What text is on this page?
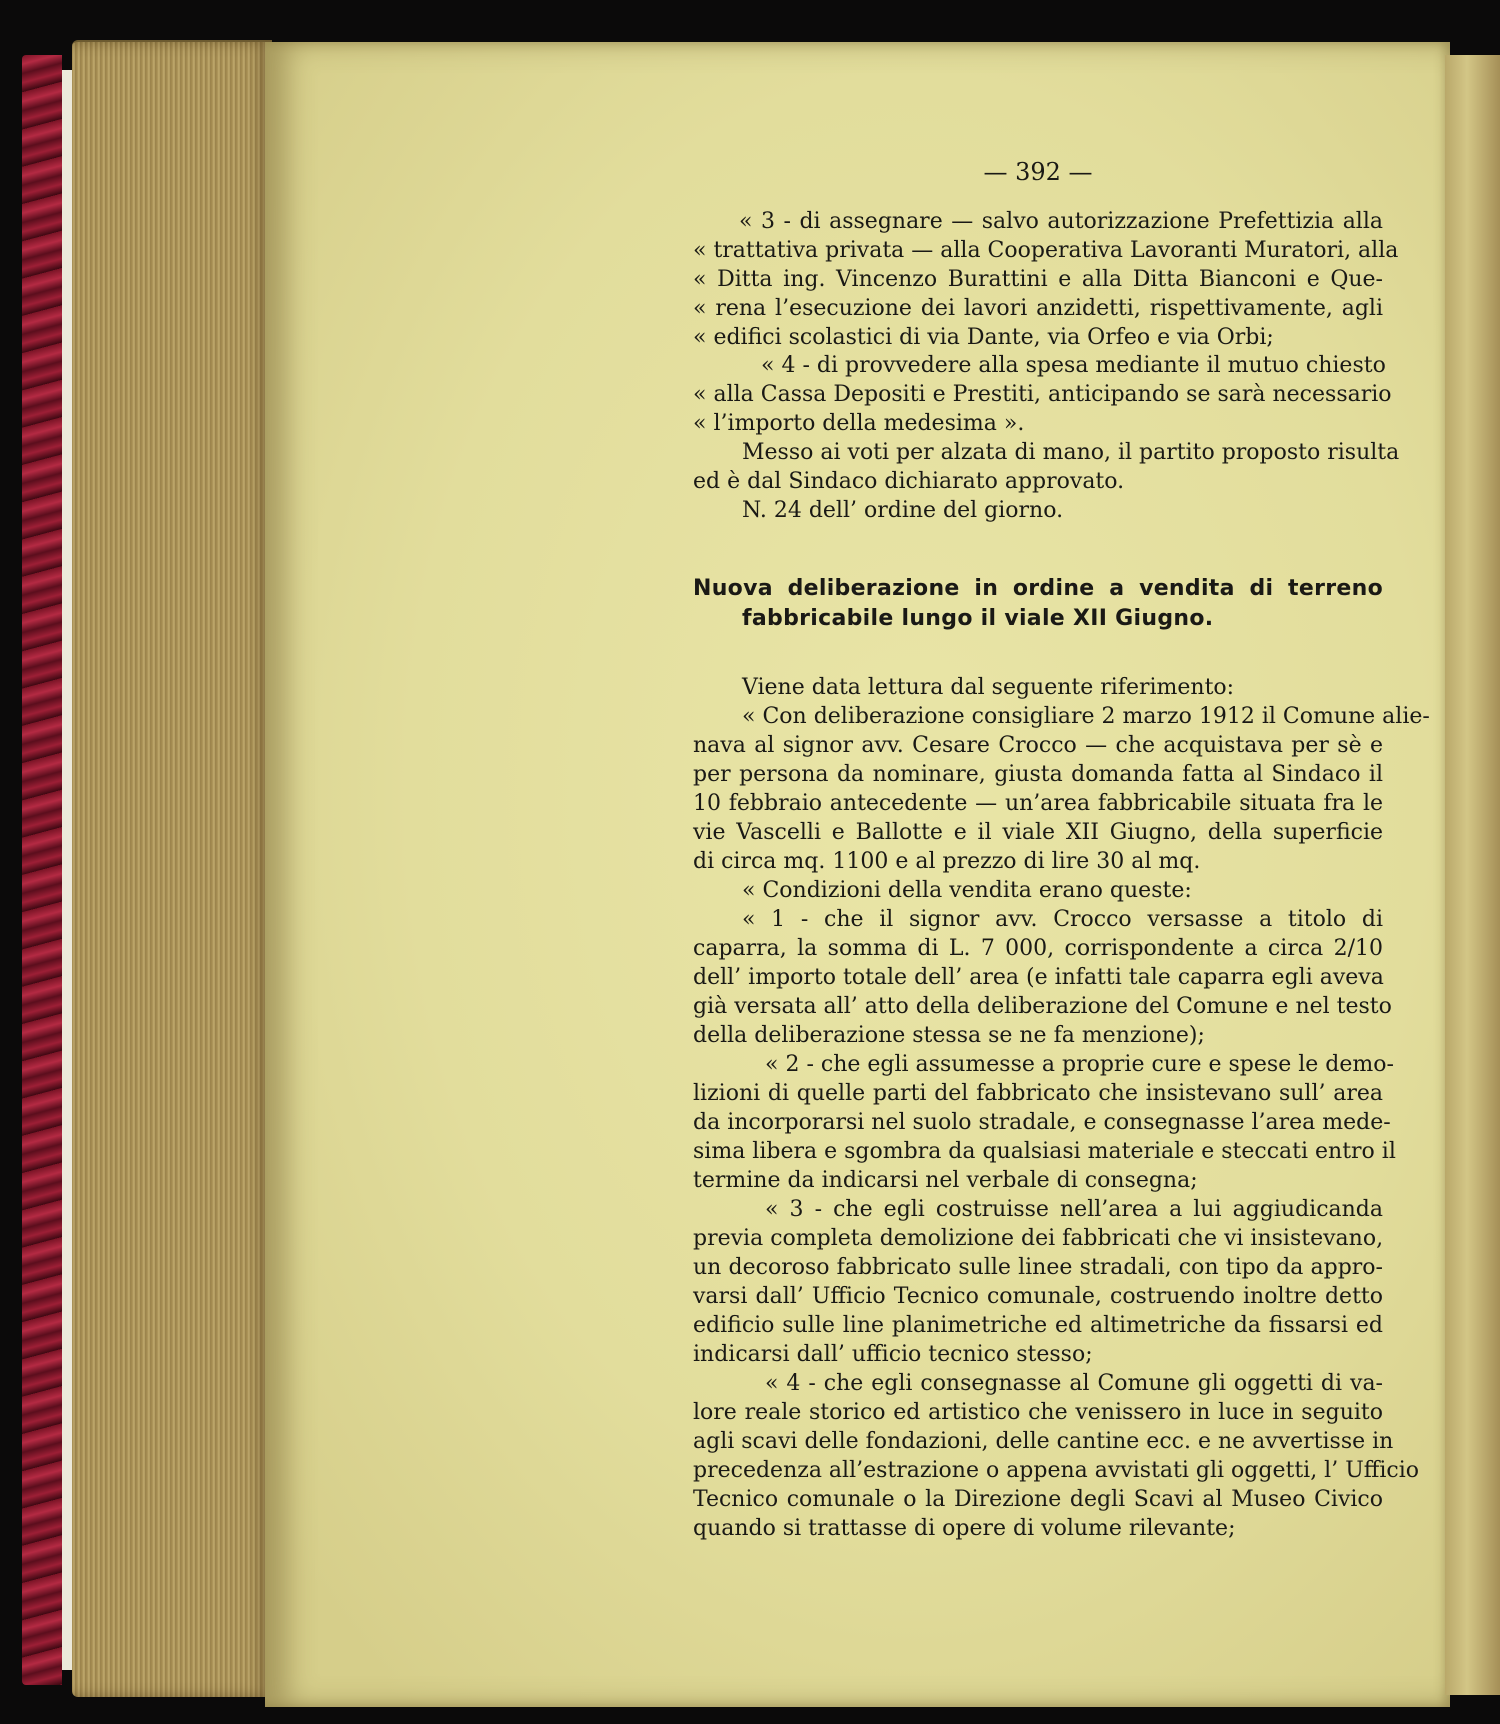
— 392 —
« 3 - di assegnare — salvo autorizzazione Prefettizia alla
« trattativa privata — alla Cooperativa Lavoranti Muratori, alla
« Ditta ing. Vincenzo Burattini e alla Ditta Bianconi e Que-
« rena l’esecuzione dei lavori anzidetti, rispettivamente, agli
« edifici scolastici di via Dante, via Orfeo e via Orbi;
« 4 - di provvedere alla spesa mediante il mutuo chiesto
« alla Cassa Depositi e Prestiti, anticipando se sarà necessario
« l’importo della medesima ».
Messo ai voti per alzata di mano, il partito proposto risulta
ed è dal Sindaco dichiarato approvato.
N. 24 dell’ ordine del giorno.
Nuova deliberazione in ordine a vendita di terreno
fabbricabile lungo il viale XII Giugno.
Viene data lettura dal seguente riferimento:
« Con deliberazione consigliare 2 marzo 1912 il Comune alie-
nava al signor avv. Cesare Crocco — che acquistava per sè e
per persona da nominare, giusta domanda fatta al Sindaco il
10 febbraio antecedente — un’area fabbricabile situata fra le
vie Vascelli e Ballotte e il viale XII Giugno, della superficie
di circa mq. 1100 e al prezzo di lire 30 al mq.
« Condizioni della vendita erano queste:
« 1 - che il signor avv. Crocco versasse a titolo di
caparra, la somma di L. 7 000, corrispondente a circa 2/10
dell’ importo totale dell’ area (e infatti tale caparra egli aveva
già versata all’ atto della deliberazione del Comune e nel testo
della deliberazione stessa se ne fa menzione);
« 2 - che egli assumesse a proprie cure e spese le demo-
lizioni di quelle parti del fabbricato che insistevano sull’ area
da incorporarsi nel suolo stradale, e consegnasse l’area mede-
sima libera e sgombra da qualsiasi materiale e steccati entro il
termine da indicarsi nel verbale di consegna;
« 3 - che egli costruisse nell’area a lui aggiudicanda
previa completa demolizione dei fabbricati che vi insistevano,
un decoroso fabbricato sulle linee stradali, con tipo da appro-
varsi dall’ Ufficio Tecnico comunale, costruendo inoltre detto
edificio sulle line planimetriche ed altimetriche da fissarsi ed
indicarsi dall’ ufficio tecnico stesso;
« 4 - che egli consegnasse al Comune gli oggetti di va-
lore reale storico ed artistico che venissero in luce in seguito
agli scavi delle fondazioni, delle cantine ecc. e ne avvertisse in
precedenza all’estrazione o appena avvistati gli oggetti, l’ Ufficio
Tecnico comunale o la Direzione degli Scavi al Museo Civico
quando si trattasse di opere di volume rilevante;
